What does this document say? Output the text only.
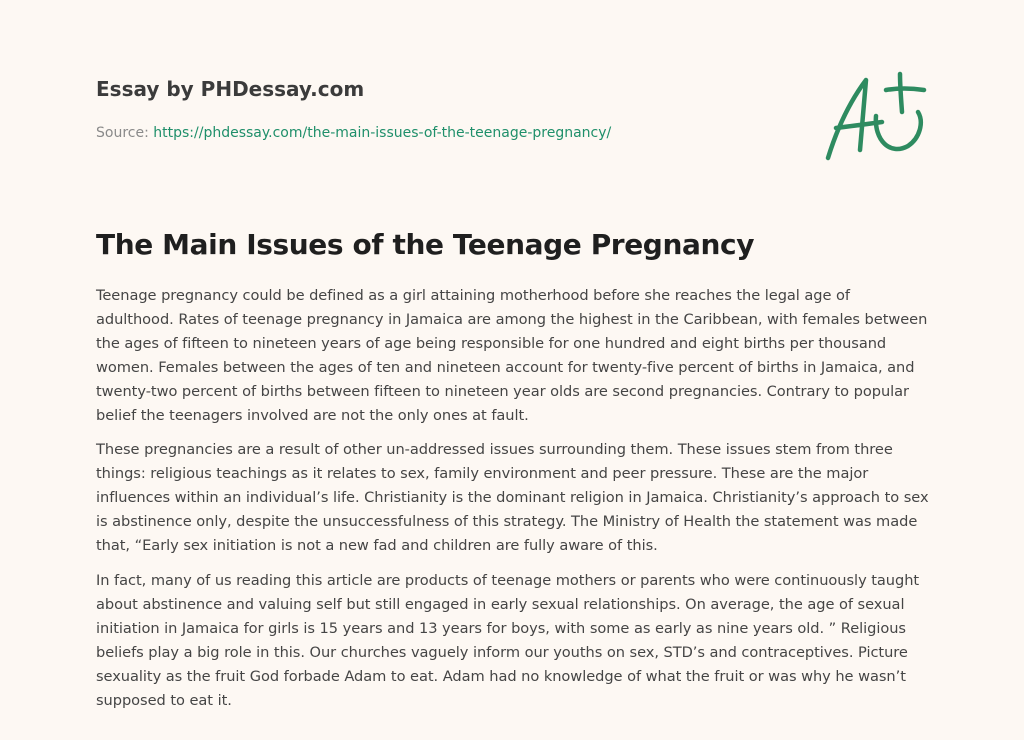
Essay by PHDessay.com
Source: https://phdessay.com/the-main-issues-of-the-teenage-pregnancy/
The Main Issues of the Teenage Pregnancy

Teenage pregnancy could be defined as a girl attaining motherhood before she reaches the legal age of adulthood. Rates of teenage pregnancy in Jamaica are among the highest in the Caribbean, with females between the ages of fifteen to nineteen years of age being responsible for one hundred and eight births per thousand women. Females between the ages of ten and nineteen account for twenty-five percent of births in Jamaica, and twenty-two percent of births between fifteen to nineteen year olds are second pregnancies. Contrary to popular belief the teenagers involved are not the only ones at fault.

These pregnancies are a result of other un-addressed issues surrounding them. These issues stem from three things: religious teachings as it relates to sex, family environment and peer pressure. These are the major influences within an individual’s life. Christianity is the dominant religion in Jamaica. Christianity’s approach to sex is abstinence only, despite the unsuccessfulness of this strategy. The Ministry of Health the statement was made that, “Early sex initiation is not a new fad and children are fully aware of this.

In fact, many of us reading this article are products of teenage mothers or parents who were continuously taught about abstinence and valuing self but still engaged in early sexual relationships. On average, the age of sexual initiation in Jamaica for girls is 15 years and 13 years for boys, with some as early as nine years old. ” Religious beliefs play a big role in this. Our churches vaguely inform our youths on sex, STD’s and contraceptives. Picture sexuality as the fruit God forbade Adam to eat. Adam had no knowledge of what the fruit or was why he wasn’t supposed to eat it.
